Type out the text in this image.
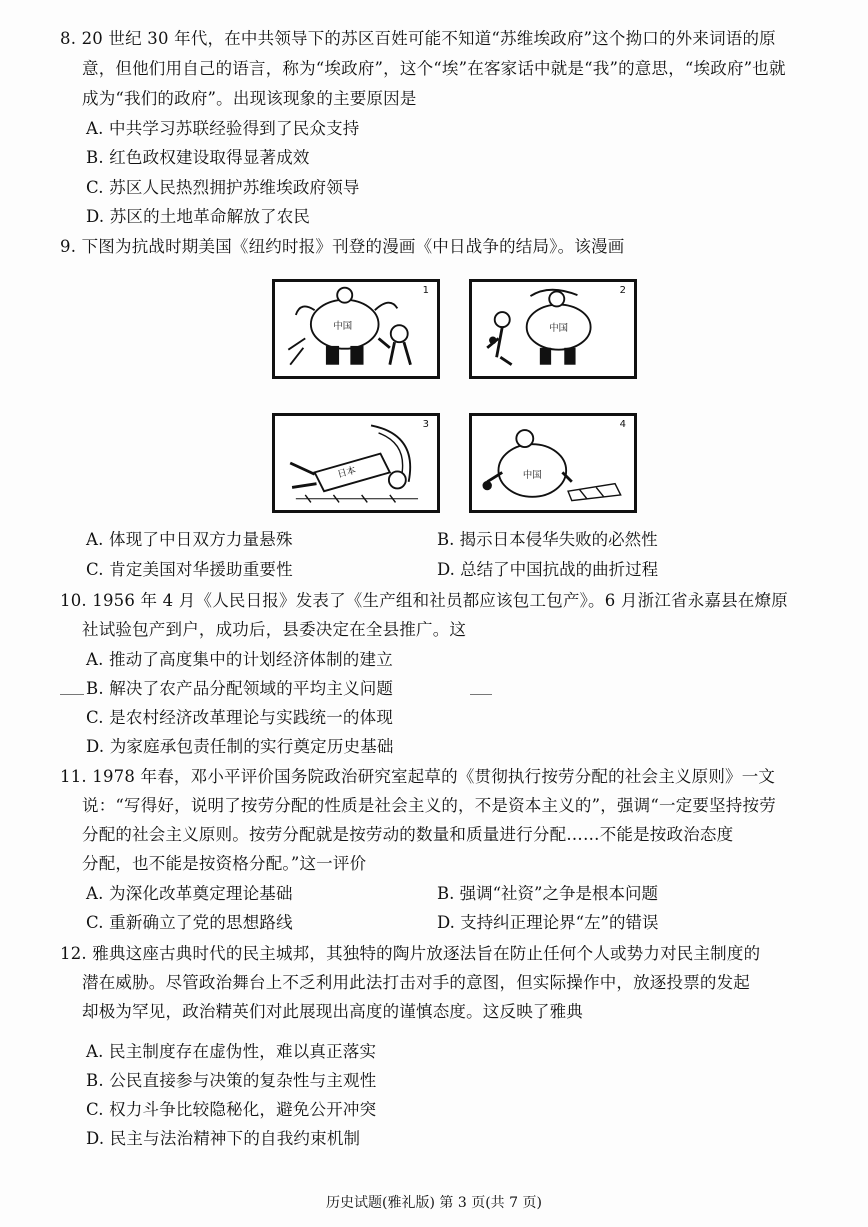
8. 20 世纪 30 年代，在中共领导下的苏区百姓可能不知道“苏维埃政府”这个拗口的外来词语的原
意，但他们用自己的语言，称为“埃政府”，这个“埃”在客家话中就是“我”的意思，“埃政府”也就
成为“我们的政府”。出现该现象的主要原因是
A. 中共学习苏联经验得到了民众支持
B. 红色政权建设取得显著成效
C. 苏区人民热烈拥护苏维埃政府领导
D. 苏区的土地革命解放了农民
9. 下图为抗战时期美国《纽约时报》刊登的漫画《中日战争的结局》。该漫画
1
中国
2
中国
3
日本
4
中国
A. 体现了中日双方力量悬殊	B. 揭示日本侵华失败的必然性
C. 肯定美国对华援助重要性	D. 总结了中国抗战的曲折过程
10. 1956 年 4 月《人民日报》发表了《生产组和社员都应该包工包产》。6 月浙江省永嘉县在燎原
社试验包产到户，成功后，县委决定在全县推广。这
A. 推动了高度集中的计划经济体制的建立
B. 解决了农产品分配领域的平均主义问题
C. 是农村经济改革理论与实践统一的体现
D. 为家庭承包责任制的实行奠定历史基础
11. 1978 年春，邓小平评价国务院政治研究室起草的《贯彻执行按劳分配的社会主义原则》一文
说：“写得好，说明了按劳分配的性质是社会主义的，不是资本主义的”，强调“一定要坚持按劳
分配的社会主义原则。按劳分配就是按劳动的数量和质量进行分配……不能是按政治态度
分配，也不能是按资格分配。”这一评价
A. 为深化改革奠定理论基础	B. 强调“社资”之争是根本问题
C. 重新确立了党的思想路线	D. 支持纠正理论界“左”的错误
12. 雅典这座古典时代的民主城邦，其独特的陶片放逐法旨在防止任何个人或势力对民主制度的
潜在威胁。尽管政治舞台上不乏利用此法打击对手的意图，但实际操作中，放逐投票的发起
却极为罕见，政治精英们对此展现出高度的谨慎态度。这反映了雅典
A. 民主制度存在虚伪性，难以真正落实
B. 公民直接参与决策的复杂性与主观性
C. 权力斗争比较隐秘化，避免公开冲突
D. 民主与法治精神下的自我约束机制
历史试题(雅礼版) 第 3 页(共 7 页)
